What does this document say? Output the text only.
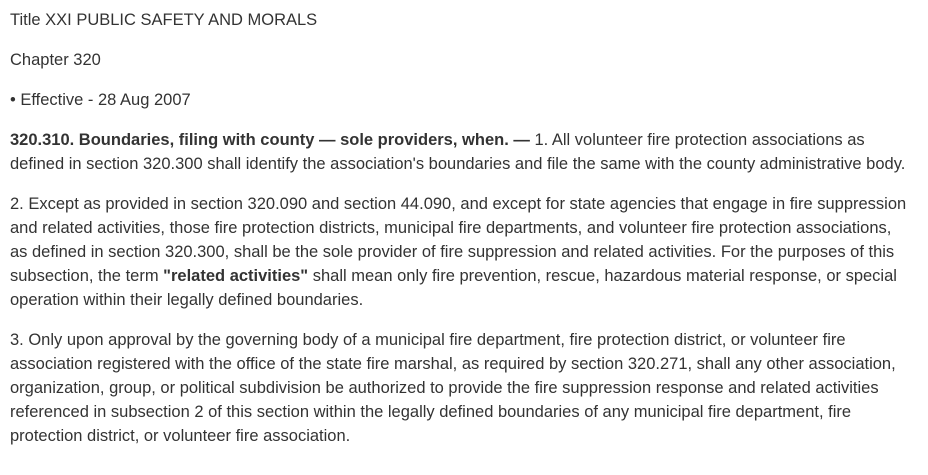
Title XXI PUBLIC SAFETY AND MORALS

Chapter 320

• Effective - 28 Aug 2007

320.310. Boundaries, filing with county — sole providers, when. — 1. All volunteer fire protection associations as defined in section 320.300 shall identify the association's boundaries and file the same with the county administrative body.

2. Except as provided in section 320.090 and section 44.090, and except for state agencies that engage in fire suppression and related activities, those fire protection districts, municipal fire departments, and volunteer fire protection associations, as defined in section 320.300, shall be the sole provider of fire suppression and related activities. For the purposes of this subsection, the term "related activities" shall mean only fire prevention, rescue, hazardous material response, or special operation within their legally defined boundaries.

3. Only upon approval by the governing body of a municipal fire department, fire protection district, or volunteer fire association registered with the office of the state fire marshal, as required by section 320.271, shall any other association, organization, group, or political subdivision be authorized to provide the fire suppression response and related activities referenced in subsection 2 of this section within the legally defined boundaries of any municipal fire department, fire protection district, or volunteer fire association.
